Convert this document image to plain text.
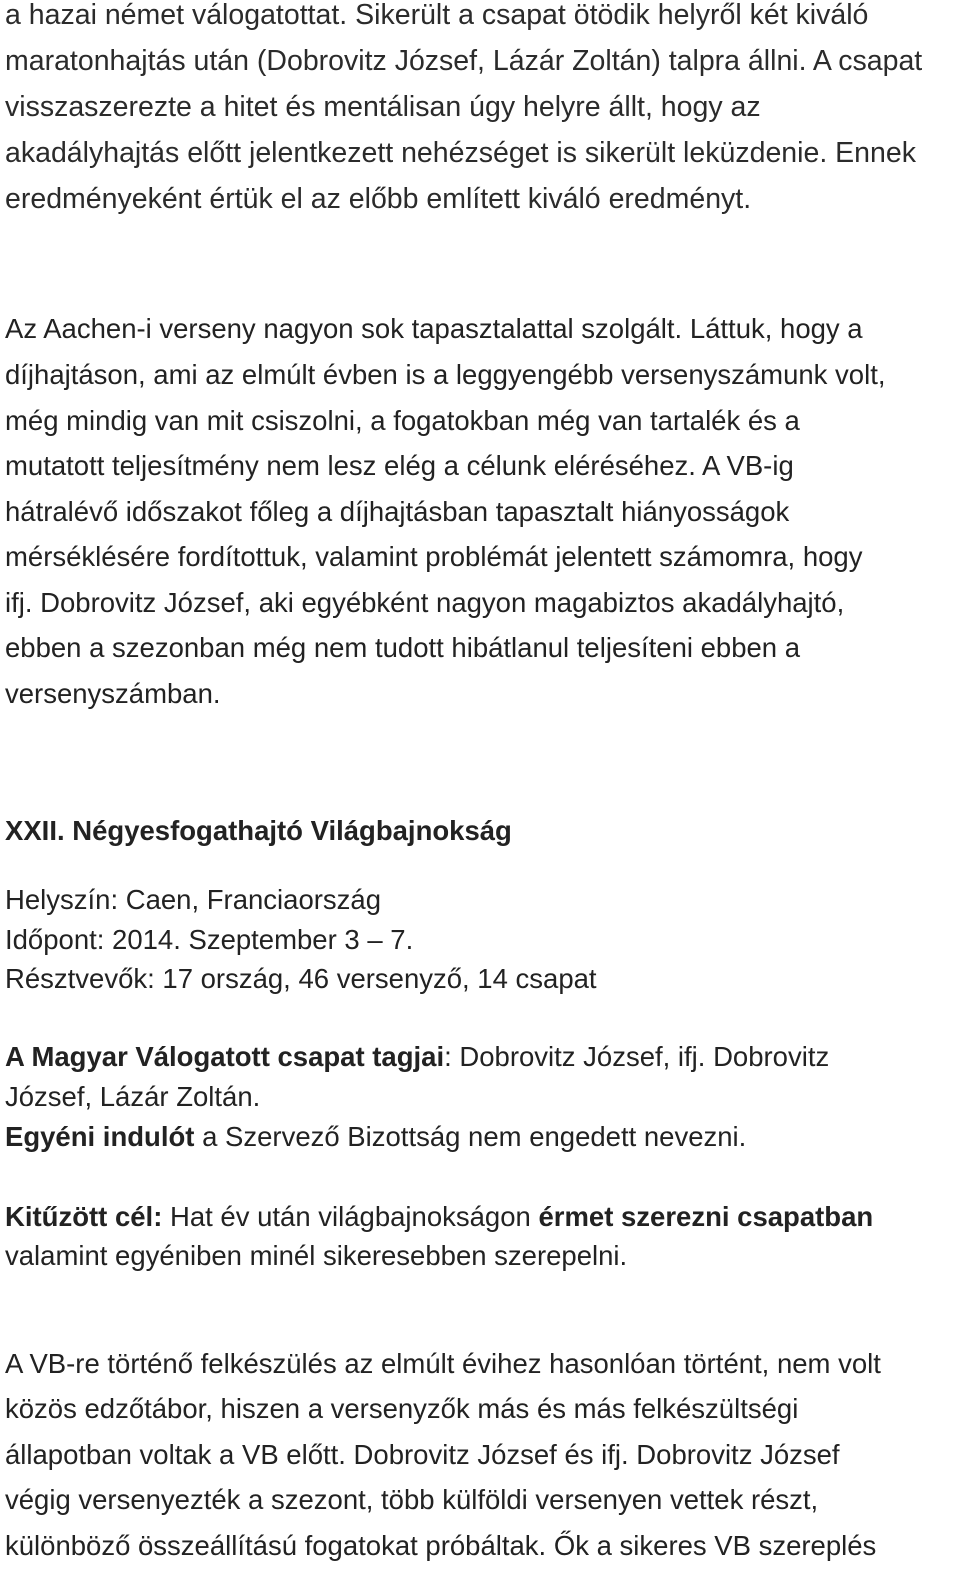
a hazai német válogatottat. Sikerült a csapat ötödik helyről két kiváló
maratonhajtás után (Dobrovitz József, Lázár Zoltán) talpra állni. A csapat
visszaszerezte a hitet és mentálisan úgy helyre állt, hogy az
akadályhajtás előtt jelentkezett nehézséget is sikerült leküzdenie. Ennek
eredményeként értük el az előbb említett kiváló eredményt.
Az Aachen-i verseny nagyon sok tapasztalattal szolgált. Láttuk, hogy a
díjhajtáson, ami az elmúlt évben is a leggyengébb versenyszámunk volt,
még mindig van mit csiszolni, a fogatokban még van tartalék és a
mutatott teljesítmény nem lesz elég a célunk eléréséhez. A VB-ig
hátralévő időszakot főleg a díjhajtásban tapasztalt hiányosságok
mérséklésére fordítottuk, valamint problémát jelentett számomra, hogy
ifj. Dobrovitz József, aki egyébként nagyon magabiztos akadályhajtó,
ebben a szezonban még nem tudott hibátlanul teljesíteni ebben a
versenyszámban.
XXII. Négyesfogathajtó Világbajnokság
Helyszín: Caen, Franciaország
Időpont: 2014. Szeptember 3 – 7.
Résztvevők: 17 ország, 46 versenyző, 14 csapat
A Magyar Válogatott csapat tagjai: Dobrovitz József, ifj. Dobrovitz
József, Lázár Zoltán.
Egyéni indulót a Szervező Bizottság nem engedett nevezni.
Kitűzött cél: Hat év után világbajnokságon érmet szerezni csapatban
valamint egyéniben minél sikeresebben szerepelni.
A VB-re történő felkészülés az elmúlt évihez hasonlóan történt, nem volt
közös edzőtábor, hiszen a versenyzők más és más felkészültségi
állapotban voltak a VB előtt. Dobrovitz József és ifj. Dobrovitz József
végig versenyezték a szezont, több külföldi versenyen vettek részt,
különböző összeállítású fogatokat próbáltak. Ők a sikeres VB szereplés
